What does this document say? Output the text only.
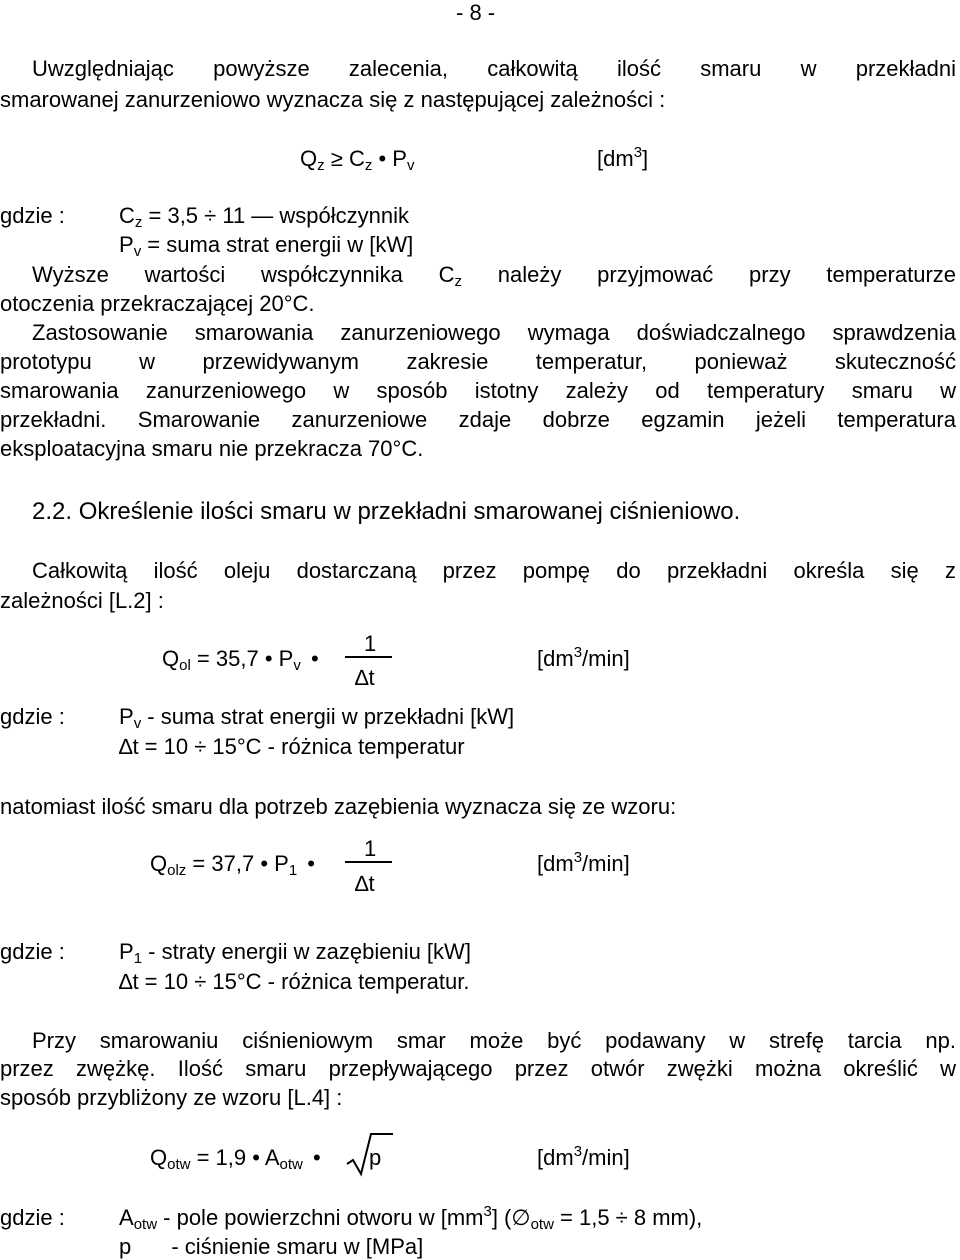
- 8 -
Uwzględniając powyższe zalecenia, całkowitą ilość smaru w przekładni
smarowanej zanurzeniowo wyznacza się z następującej zależności :
$Q_z \ge C_z$ • $P_v$	$[dm^3]$
gdzie : $C_z = 3,5 \div 11$ — współczynnik
$P_v$ = suma strat energii w [kW]
Wyższe wartości współczynnika $C_z$ należy przyjmować przy temperaturze
otoczenia przekraczającej 20°C.
Zastosowanie smarowania zanurzeniowego wymaga doświadczalnego sprawdzenia
prototypu w przewidywanym zakresie temperatur, ponieważ skuteczność
smarowania zanurzeniowego w sposób istotny zależy od temperatury smaru w
przekładni. Smarowanie zanurzeniowe zdaje dobrze egzamin jeżeli temperatura
eksploatacyjna smaru nie przekracza 70°C.
2.2. Określenie ilości smaru w przekładni smarowanej ciśnieniowo.
Całkowitą ilość oleju dostarczaną przez pompę do przekładni określa się z
zależności [L.2] :
$Q_{ol} = 35,7$ • $P_v$ •
1
∆t
$[dm^3/\min]$
gdzie : $P_v$ - suma strat energii w przekładni [kW]
∆t = 10 ÷ 15°C - różnica temperatur
natomiast ilość smaru dla potrzeb zazębienia wyznacza się ze wzoru:
$Q_{olz} = 37,7$ • $P_1$ •
1
∆t
$[dm^3/\min]$
gdzie : $P_1$ - straty energii w zazębieniu [kW]
∆t = 10 ÷ 15°C - różnica temperatur.
Przy smarowaniu ciśnieniowym smar może być podawany w strefę tarcia np.
przez zwężkę. Ilość smaru przepływającego przez otwór zwężki można określić w
sposób przybliżony ze wzoru [L.4] :
$Q_{otw} = 1,9$ • $A_{otw}$ • p	$[dm^3/\min]$
gdzie : $A_{otw}$ - pole powierzchni otworu w $[mm^3]$ ($\emptyset_{otw} = 1,5 \div 8$ mm),
p - ciśnienie smaru w [MPa]
